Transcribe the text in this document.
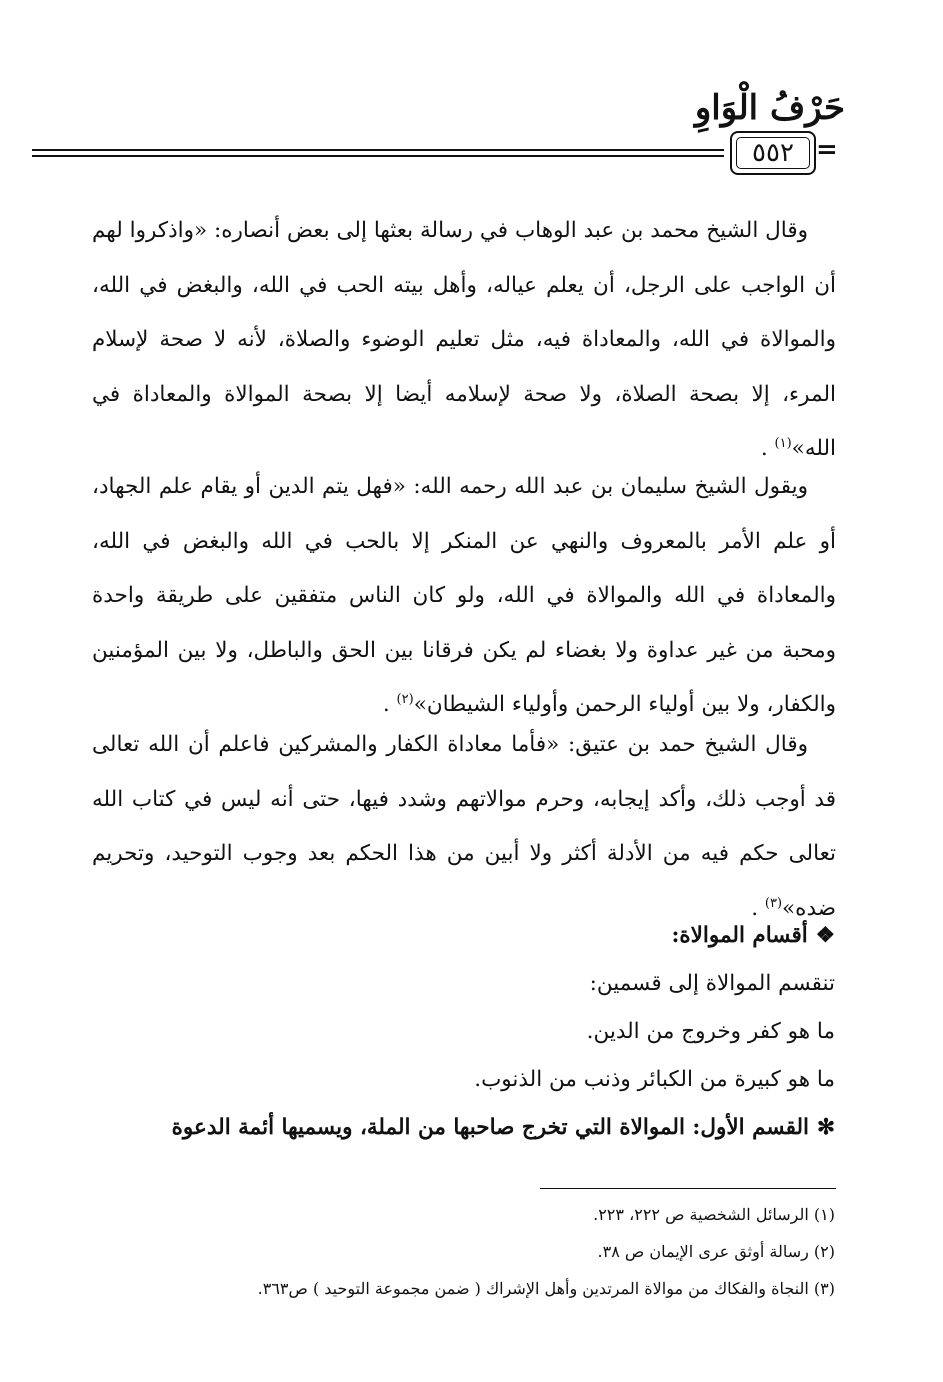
حَرْفُ الْوَاوِ
٥٥٢ =

وقال الشيخ محمد بن عبد الوهاب في رسالة بعثها إلى بعض أنصاره: «واذكروا لهم أن الواجب على الرجل، أن يعلم عياله، وأهل بيته الحب في الله، والبغض في الله، والموالاة في الله، والمعاداة فيه، مثل تعليم الوضوء والصلاة، لأنه لا صحة لإسلام المرء، إلا بصحة الصلاة، ولا صحة لإسلامه أيضا إلا بصحة الموالاة والمعاداة في الله»$^{(١)}$ .

ويقول الشيخ سليمان بن عبد الله رحمه الله: «فهل يتم الدين أو يقام علم الجهاد، أو علم الأمر بالمعروف والنهي عن المنكر إلا بالحب في الله والبغض في الله، والمعاداة في الله والموالاة في الله، ولو كان الناس متفقين على طريقة واحدة ومحبة من غير عداوة ولا بغضاء لم يكن فرقانا بين الحق والباطل، ولا بين المؤمنين والكفار، ولا بين أولياء الرحمن وأولياء الشيطان»$^{(٢)}$ .

وقال الشيخ حمد بن عتيق: «فأما معاداة الكفار والمشركين فاعلم أن الله تعالى قد أوجب ذلك، وأكد إيجابه، وحرم موالاتهم وشدد فيها، حتى أنه ليس في كتاب الله تعالى حكم فيه من الأدلة أكثر ولا أبين من هذا الحكم بعد وجوب التوحيد، وتحريم ضده»$^{(٣)}$ .

❖أقسام الموالاة:

تنقسم الموالاة إلى قسمين:

ما هو كفر وخروج من الدين.

ما هو كبيرة من الكبائر وذنب من الذنوب.

✻القسم الأول: الموالاة التي تخرج صاحبها من الملة، ويسميها أئمة الدعوة

(١) الرسائل الشخصية ص ٢٢٢، ٢٢٣.

(٢) رسالة أوثق عرى الإيمان ص ٣٨.

(٣) النجاة والفكاك من موالاة المرتدين وأهل الإشراك ( ضمن مجموعة التوحيد ) ص٣٦٣.
